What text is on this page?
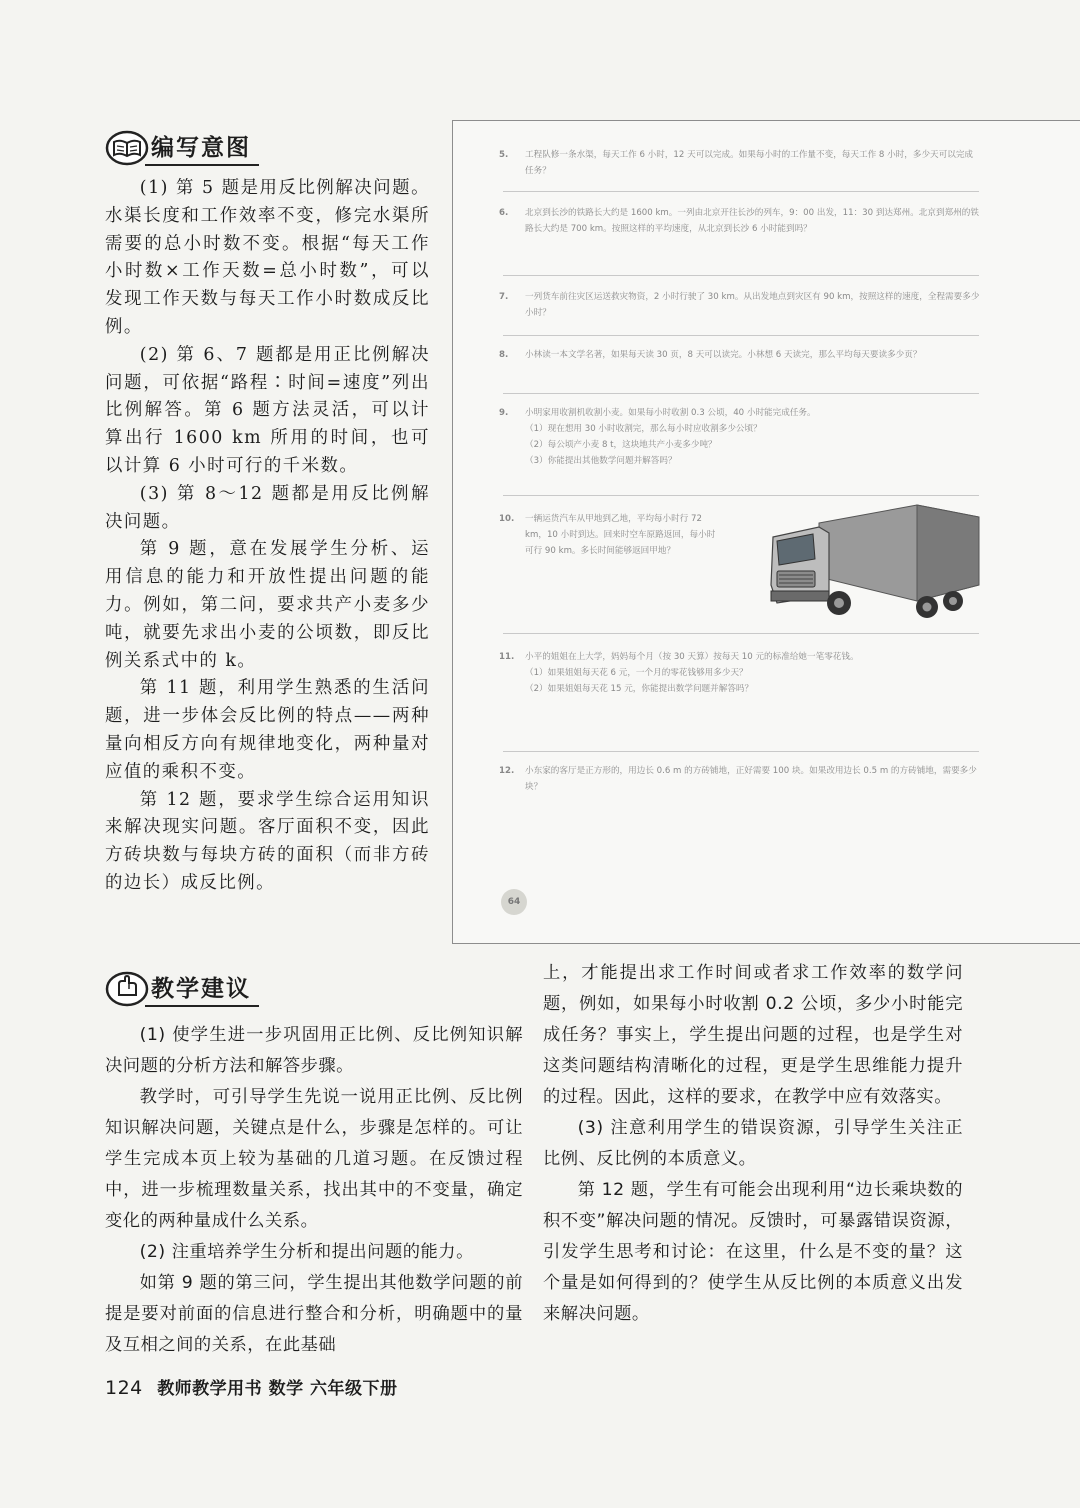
编写意图

(1) 第 5 题是用反比例解决问题。水渠长度和工作效率不变，修完水渠所需要的总小时数不变。根据“每天工作小时数×工作天数=总小时数”，可以发现工作天数与每天工作小时数成反比例。

(2) 第 6、7 题都是用正比例解决问题，可依据“路程∶时间=速度”列出比例解答。第 6 题方法灵活，可以计算出行 1600 km 所用的时间，也可以计算 6 小时可行的千米数。

(3) 第 8～12 题都是用反比例解决问题。

第 9 题，意在发展学生分析、运用信息的能力和开放性提出问题的能力。例如，第二问，要求共产小麦多少吨，就要先求出小麦的公顷数，即反比例关系式中的 k。

第 11 题，利用学生熟悉的生活问题，进一步体会反比例的特点——两种量向相反方向有规律地变化，两种量对应值的乘积不变。

第 12 题，要求学生综合运用知识来解决现实问题。客厅面积不变，因此方砖块数与每块方砖的面积（而非方砖的边长）成反比例。

5.	工程队修一条水渠，每天工作 6 小时，12 天可以完成。如果每小时的工作量不变，每天工作 8 小时，多少天可以完成任务？
6.	北京到长沙的铁路长大约是 1600 km。一列由北京开往长沙的列车，9：00 出发，11：30 到达郑州。北京到郑州的铁路长大约是 700 km。按照这样的平均速度，从北京到长沙 6 小时能到吗？
7.	一列货车前往灾区运送救灾物资，2 小时行驶了 30 km。从出发地点到灾区有 90 km，按照这样的速度，全程需要多少小时？
8.	小林读一本文学名著，如果每天读 30 页，8 天可以读完。小林想 6 天读完，那么平均每天要读多少页？
9.	小明家用收割机收割小麦。如果每小时收割 0.3 公顷，40 小时能完成任务。
（1）现在想用 30 小时收割完，那么每小时应收割多少公顷？
（2）每公顷产小麦 8 t，这块地共产小麦多少吨？
（3）你能提出其他数学问题并解答吗？
10.	一辆运货汽车从甲地到乙地，平均每小时行 72 km，10 小时到达。回来时空车原路返回，每小时可行 90 km。多长时间能够返回甲地？
11.	小平的姐姐在上大学，妈妈每个月（按 30 天算）按每天 10 元的标准给她一笔零花钱。
（1）如果姐姐每天花 6 元，一个月的零花钱够用多少天？
（2）如果姐姐每天花 15 元，你能提出数学问题并解答吗？
12.	小东家的客厅是正方形的，用边长 0.6 m 的方砖铺地，正好需要 100 块。如果改用边长 0.5 m 的方砖铺地，需要多少块？
64
教学建议

(1) 使学生进一步巩固用正比例、反比例知识解决问题的分析方法和解答步骤。

教学时，可引导学生先说一说用正比例、反比例知识解决问题，关键点是什么，步骤是怎样的。可让学生完成本页上较为基础的几道习题。在反馈过程中，进一步梳理数量关系，找出其中的不变量，确定变化的两种量成什么关系。

(2) 注重培养学生分析和提出问题的能力。

如第 9 题的第三问，学生提出其他数学问题的前提是要对前面的信息进行整合和分析，明确题中的量及互相之间的关系，在此基础

上，才能提出求工作时间或者求工作效率的数学问题，例如，如果每小时收割 0.2 公顷，多少小时能完成任务？事实上，学生提出问题的过程，也是学生对这类问题结构清晰化的过程，更是学生思维能力提升的过程。因此，这样的要求，在教学中应有效落实。

(3) 注意利用学生的错误资源，引导学生关注正比例、反比例的本质意义。

第 12 题，学生有可能会出现利用“边长乘块数的积不变”解决问题的情况。反馈时，可暴露错误资源，引发学生思考和讨论：在这里，什么是不变的量？这个量是如何得到的？使学生从反比例的本质意义出发来解决问题。

124 教师教学用书 数学 六年级下册
